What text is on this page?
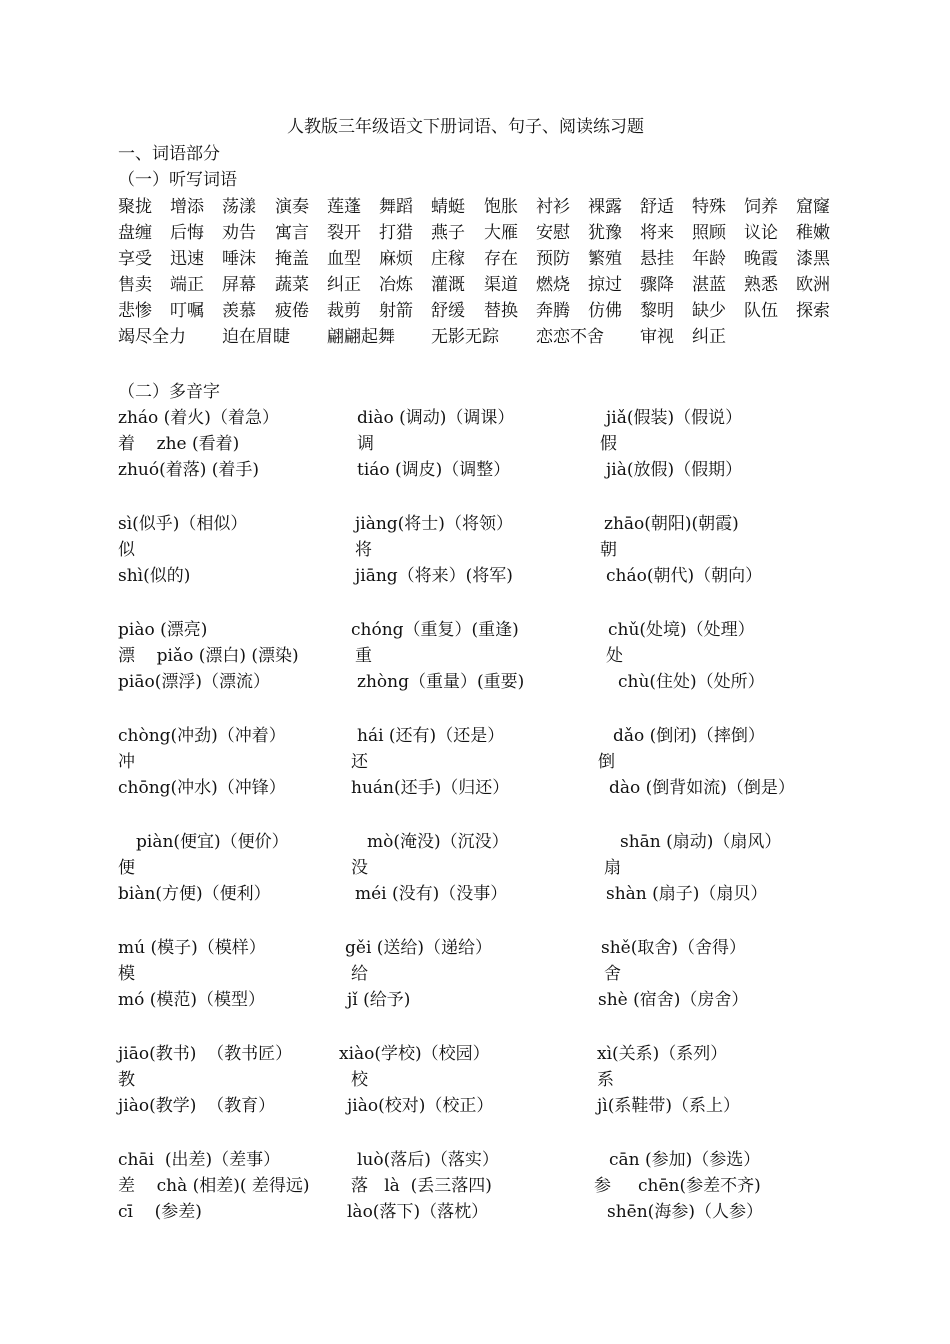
人教版三年级语文下册词语、句子、阅读练习题
一、词语部分
（一）听写词语
聚拢 增添 荡漾 演奏 莲蓬 舞蹈 蜻蜓 饱胀 衬衫 裸露 舒适 特殊 饲养 窟窿
盘缠 后悔 劝告 寓言 裂开 打猎 燕子 大雁 安慰 犹豫 将来 照顾 议论 稚嫩
享受 迅速 唾沫 掩盖 血型 麻烦 庄稼 存在 预防 繁殖 悬挂 年龄 晚霞 漆黑
售卖 端正 屏幕 蔬菜 纠正 冶炼 灌溉 渠道 燃烧 掠过 骤降 湛蓝 熟悉 欧洲
悲惨 叮嘱 羡慕 疲倦 裁剪 射箭 舒缓 替换 奔腾 仿佛 黎明 缺少 队伍 探索
竭尽全力 迫在眉睫 翩翩起舞 无影无踪 恋恋不舍 审视 纠正
（二）多音字
zháo (着火)（着急）
着    zhe (看着)
zhuó(着落) (着手)
diào (调动)（调课）
调
tiáo (调皮)（调整）
jiǎ(假装)（假说）
假
jià(放假)（假期）
sì(似乎)（相似）
似
shì(似的)
jiàng(将士)（将领）
将
jiāng（将来）(将军)
zhāo(朝阳)(朝霞)
朝
cháo(朝代)（朝向）
piào (漂亮)
漂    piǎo (漂白) (漂染)
piāo(漂浮)（漂流）
chóng（重复）(重逢)
重
zhòng（重量）(重要)
chǔ(处境)（处理）
处
chù(住处)（处所）
chòng(冲劲)（冲着）
冲
chōng(冲水)（冲锋）
hái (还有)（还是）
还
huán(还手)（归还）
dǎo (倒闭)（摔倒）
倒
dào (倒背如流)（倒是）
piàn(便宜)（便价）
便
biàn(方便)（便利）
mò(淹没)（沉没）
没
méi (没有)（没事）
shān (扇动)（扇风）
扇
shàn (扇子)（扇贝）
mú (模子)（模样）
模
mó (模范)（模型）
gěi (送给)（递给）
给
jǐ (给予)
shě(取舍)（舍得）
舍
shè (宿舍)（房舍）
jiāo(教书)  （教书匠）
教
jiào(教学)  （教育）
xiào(学校)（校园）
校
jiào(校对)（校正）
xì(关系)（系列）
系
jì(系鞋带)（系上）
chāi  (出差)（差事）
差    chà (相差)( 差得远)
cī    (参差)
luò(落后)（落实）
落   là  (丢三落四)
lào(落下)（落枕）
cān (参加)（参选）
参     chēn(参差不齐)
shēn(海参)（人参）
